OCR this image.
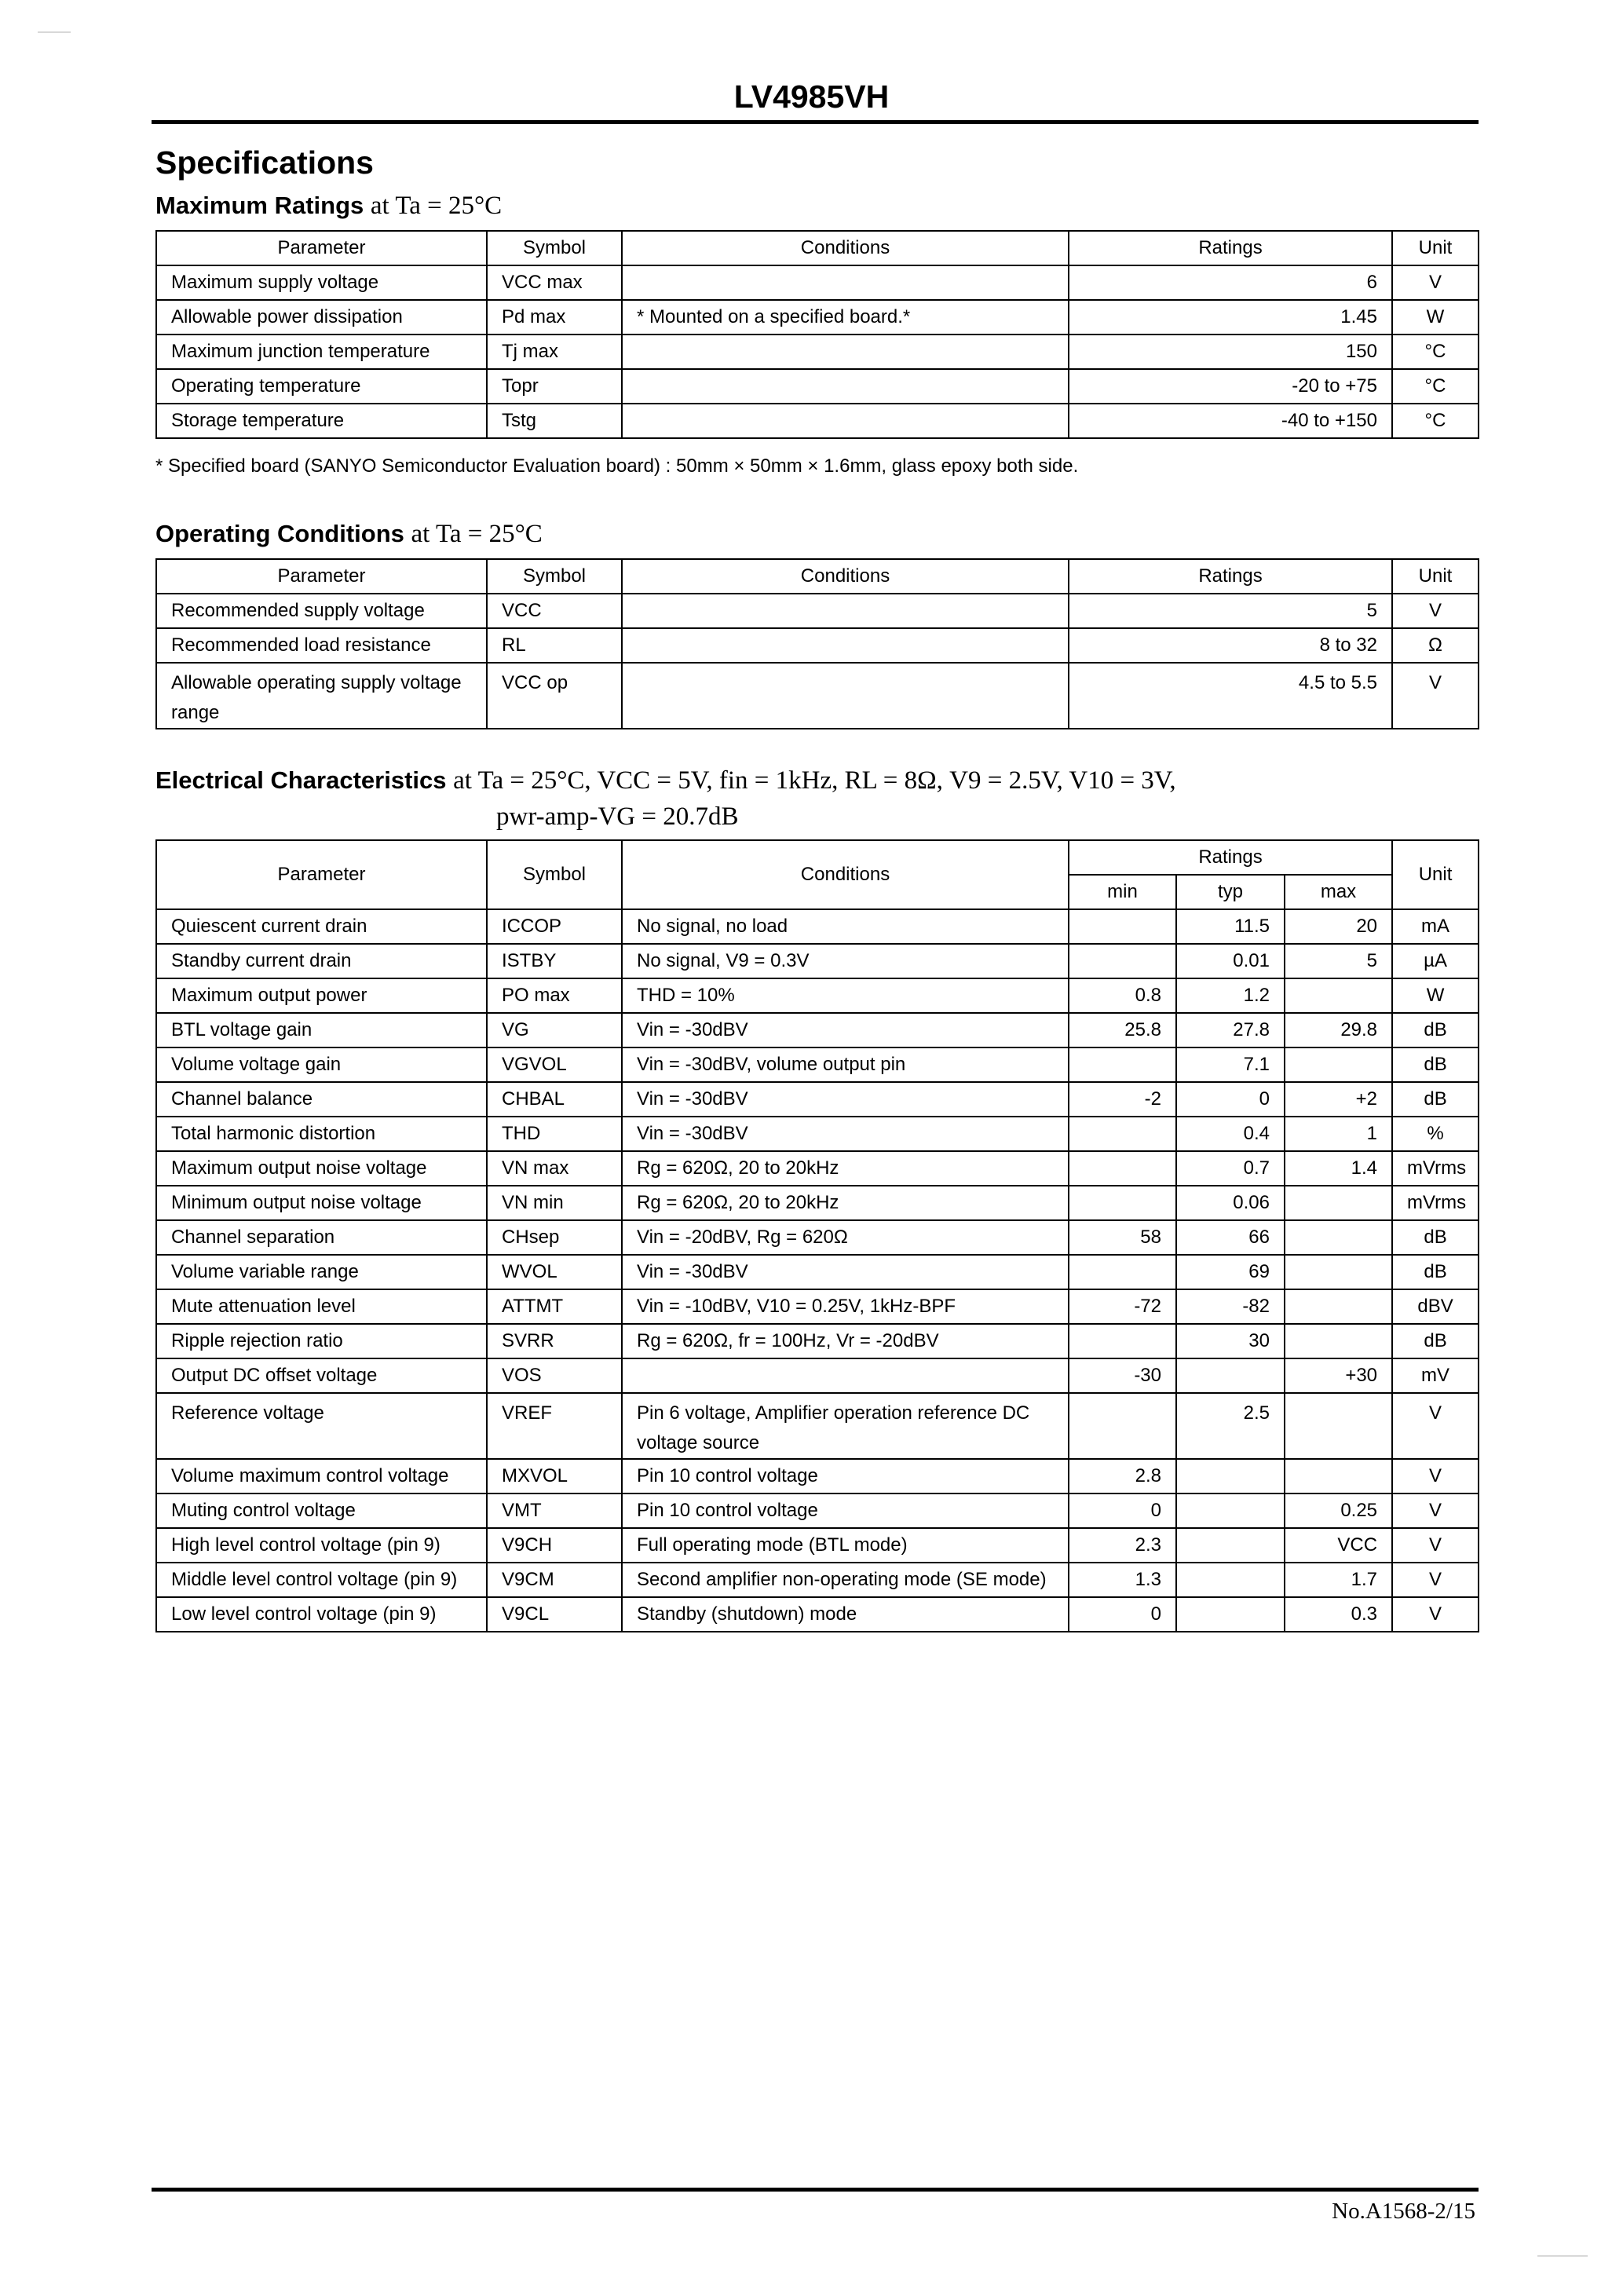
LV4985VH
Specifications
Maximum Ratings at Ta = 25°C
Parameter	Symbol	Conditions	Ratings	Unit
Maximum supply voltage	VCC max		6	V
Allowable power dissipation	Pd max	* Mounted on a specified board.*	1.45	W
Maximum junction temperature	Tj max		150	°C
Operating temperature	Topr		-20 to +75	°C
Storage temperature	Tstg		-40 to +150	°C
* Specified board (SANYO Semiconductor Evaluation board) : 50mm × 50mm × 1.6mm, glass epoxy both side.
Operating Conditions at Ta = 25°C
Parameter	Symbol	Conditions	Ratings	Unit
Recommended supply voltage	VCC		5	V
Recommended load resistance	RL		8 to 32	Ω
Allowable operating supply voltage range	VCC op		4.5 to 5.5	V
Electrical Characteristics at Ta = 25°C, VCC = 5V, fin = 1kHz, RL = 8Ω, V9 = 2.5V, V10 = 3V,
pwr-amp-VG = 20.7dB
Parameter	Symbol	Conditions	Ratings			Unit
			min	typ	max	
Quiescent current drain	ICCOP	No signal, no load		11.5	20	mA
Standby current drain	ISTBY	No signal, V9 = 0.3V		0.01	5	µA
Maximum output power	PO max	THD = 10%	0.8	1.2		W
BTL voltage gain	VG	Vin = -30dBV	25.8	27.8	29.8	dB
Volume voltage gain	VGVOL	Vin = -30dBV, volume output pin		7.1		dB
Channel balance	CHBAL	Vin = -30dBV	-2	0	+2	dB
Total harmonic distortion	THD	Vin = -30dBV		0.4	1	%
Maximum output noise voltage	VN max	Rg = 620Ω, 20 to 20kHz		0.7	1.4	mVrms
Minimum output noise voltage	VN min	Rg = 620Ω, 20 to 20kHz		0.06		mVrms
Channel separation	CHsep	Vin = -20dBV, Rg = 620Ω	58	66		dB
Volume variable range	WVOL	Vin = -30dBV		69		dB
Mute attenuation level	ATTMT	Vin = -10dBV, V10 = 0.25V, 1kHz-BPF	-72	-82		dBV
Ripple rejection ratio	SVRR	Rg = 620Ω, fr = 100Hz, Vr = -20dBV		30		dB
Output DC offset voltage	VOS		-30		+30	mV
Reference voltage	VREF	Pin 6 voltage, Amplifier operation reference DC voltage source		2.5		V
Volume maximum control voltage	MXVOL	Pin 10 control voltage	2.8			V
Muting control voltage	VMT	Pin 10 control voltage	0		0.25	V
High level control voltage (pin 9)	V9CH	Full operating mode (BTL mode)	2.3		VCC	V
Middle level control voltage (pin 9)	V9CM	Second amplifier non-operating mode (SE mode)	1.3		1.7	V
Low level control voltage (pin 9)	V9CL	Standby (shutdown) mode	0		0.3	V
No.A1568-2/15
